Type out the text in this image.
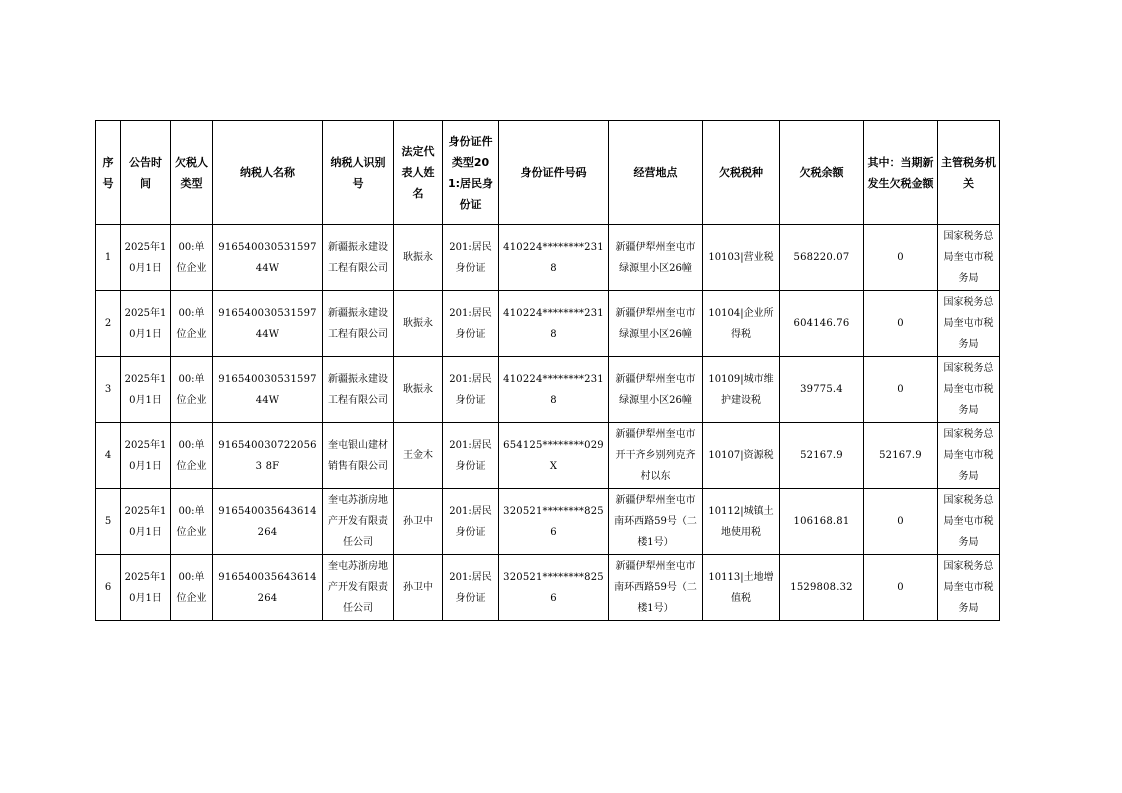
序号	公告时间	欠税人类型	纳税人名称	纳税人识别号	法定代表人姓名	身份证件类型201:居民身份证	身份证件号码	经营地点	欠税税种	欠税余额	其中：当期新发生欠税金额	主管税务机关

1	2025年10月1日	00:单位企业	91654003053159744W	新疆振永建设工程有限公司	耿振永	201:居民身份证	410224********2318	新疆伊犁州奎屯市绿源里小区26幢	10103|营业税	568220.07	0	国家税务总局奎屯市税务局

2	2025年10月1日	00:单位企业	91654003053159744W	新疆振永建设工程有限公司	耿振永	201:居民身份证	410224********2318	新疆伊犁州奎屯市绿源里小区26幢	10104|企业所得税	604146.76	0	国家税务总局奎屯市税务局

3	2025年10月1日	00:单位企业	91654003053159744W	新疆振永建设工程有限公司	耿振永	201:居民身份证	410224********2318	新疆伊犁州奎屯市绿源里小区26幢	10109|城市维护建设税	39775.4	0	国家税务总局奎屯市税务局

4	2025年10月1日	00:单位企业	9165400307220563 8F	奎屯银山建材销售有限公司	王金木	201:居民身份证	654125********029X	新疆伊犁州奎屯市开干齐乡别列克齐村以东	10107|资源税	52167.9	52167.9	国家税务总局奎屯市税务局

5	2025年10月1日	00:单位企业	916540035643614264	奎屯苏浙房地产开发有限责任公司	孙卫中	201:居民身份证	320521********8256	新疆伊犁州奎屯市南环西路59号（二楼1号）	10112|城镇土地使用税	106168.81	0	国家税务总局奎屯市税务局

6	2025年10月1日	00:单位企业	916540035643614264	奎屯苏浙房地产开发有限责任公司	孙卫中	201:居民身份证	320521********8256	新疆伊犁州奎屯市南环西路59号（二楼1号）	10113|土地增值税	1529808.32	0	国家税务总局奎屯市税务局
